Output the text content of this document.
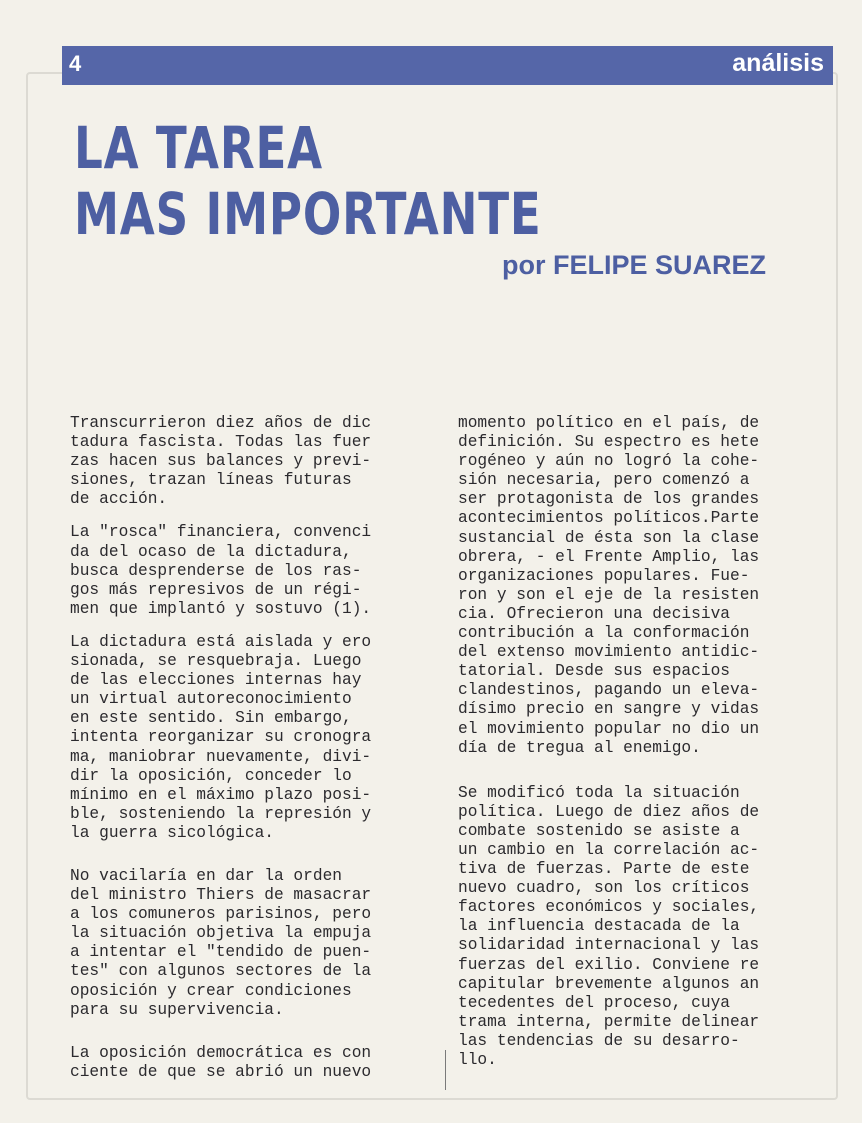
4	análisis
LA TAREA
MAS IMPORTANTE
por FELIPE SUAREZ

Transcurrieron diez años de dic
tadura fascista. Todas las fuer
zas hacen sus balances y previ-
siones, trazan líneas futuras
de acción.

La "rosca" financiera, convenci
da del ocaso de la dictadura,
busca desprenderse de los ras-
gos más represivos de un régi-
men que implantó y sostuvo (1).

La dictadura está aislada y ero
sionada, se resquebraja. Luego
de las elecciones internas hay
un virtual autoreconocimiento
en este sentido. Sin embargo,
intenta reorganizar su cronogra
ma, maniobrar nuevamente, divi-
dir la oposición, conceder lo
mínimo en el máximo plazo posi-
ble, sosteniendo la represión y
la guerra sicológica.

No vacilaría en dar la orden
del ministro Thiers de masacrar
a los comuneros parisinos, pero
la situación objetiva la empuja
a intentar el "tendido de puen-
tes" con algunos sectores de la
oposición y crear condiciones
para su supervivencia.

La oposición democrática es con
ciente de que se abrió un nuevo

momento político en el país, de
definición. Su espectro es hete
rogéneo y aún no logró la cohe-
sión necesaria, pero comenzó a
ser protagonista de los grandes
acontecimientos políticos.Parte
sustancial de ésta son la clase
obrera, - el Frente Amplio, las
organizaciones populares. Fue-
ron y son el eje de la resisten
cia. Ofrecieron una decisiva
contribución a la conformación
del extenso movimiento antidic-
tatorial. Desde sus espacios
clandestinos, pagando un eleva-
dísimo precio en sangre y vidas
el movimiento popular no dio un
día de tregua al enemigo.

Se modificó toda la situación
política. Luego de diez años de
combate sostenido se asiste a
un cambio en la correlación ac-
tiva de fuerzas. Parte de este
nuevo cuadro, son los críticos
factores económicos y sociales,
la influencia destacada de la
solidaridad internacional y las
fuerzas del exilio. Conviene re
capitular brevemente algunos an
tecedentes del proceso, cuya
trama interna, permite delinear
las tendencias de su desarro-
llo.
